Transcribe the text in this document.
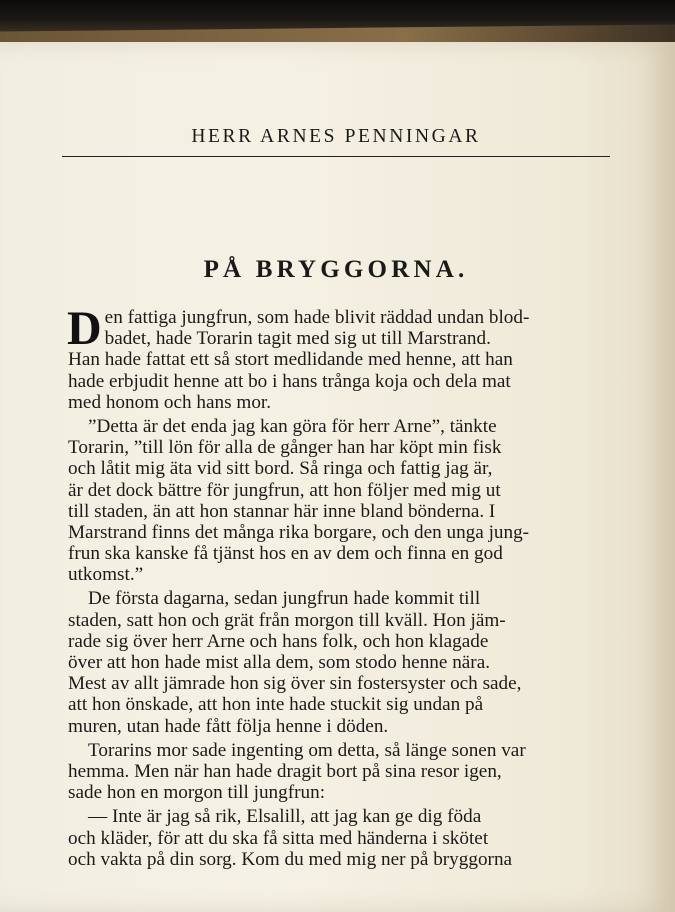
HERR ARNES PENNINGAR
PÅ BRYGGORNA.
D en fattiga jungfrun, som hade blivit räddad undan blod-
badet, hade Torarin tagit med sig ut till Marstrand.
Han hade fattat ett så stort medlidande med henne, att han
hade erbjudit henne att bo i hans trånga koja och dela mat
med honom och hans mor.
”Detta är det enda jag kan göra för herr Arne”, tänkte
Torarin, ”till lön för alla de gånger han har köpt min fisk
och låtit mig äta vid sitt bord. Så ringa och fattig jag är,
är det dock bättre för jungfrun, att hon följer med mig ut
till staden, än att hon stannar här inne bland bönderna. I
Marstrand finns det många rika borgare, och den unga jung-
frun ska kanske få tjänst hos en av dem och finna en god
utkomst.”
De första dagarna, sedan jungfrun hade kommit till
staden, satt hon och grät från morgon till kväll. Hon jäm-
rade sig över herr Arne och hans folk, och hon klagade
över att hon hade mist alla dem, som stodo henne nära.
Mest av allt jämrade hon sig över sin fostersyster och sade,
att hon önskade, att hon inte hade stuckit sig undan på
muren, utan hade fått följa henne i döden.
Torarins mor sade ingenting om detta, så länge sonen var
hemma. Men när han hade dragit bort på sina resor igen,
sade hon en morgon till jungfrun:
— Inte är jag så rik, Elsalill, att jag kan ge dig föda
och kläder, för att du ska få sitta med händerna i skötet
och vakta på din sorg. Kom du med mig ner på bryggorna
